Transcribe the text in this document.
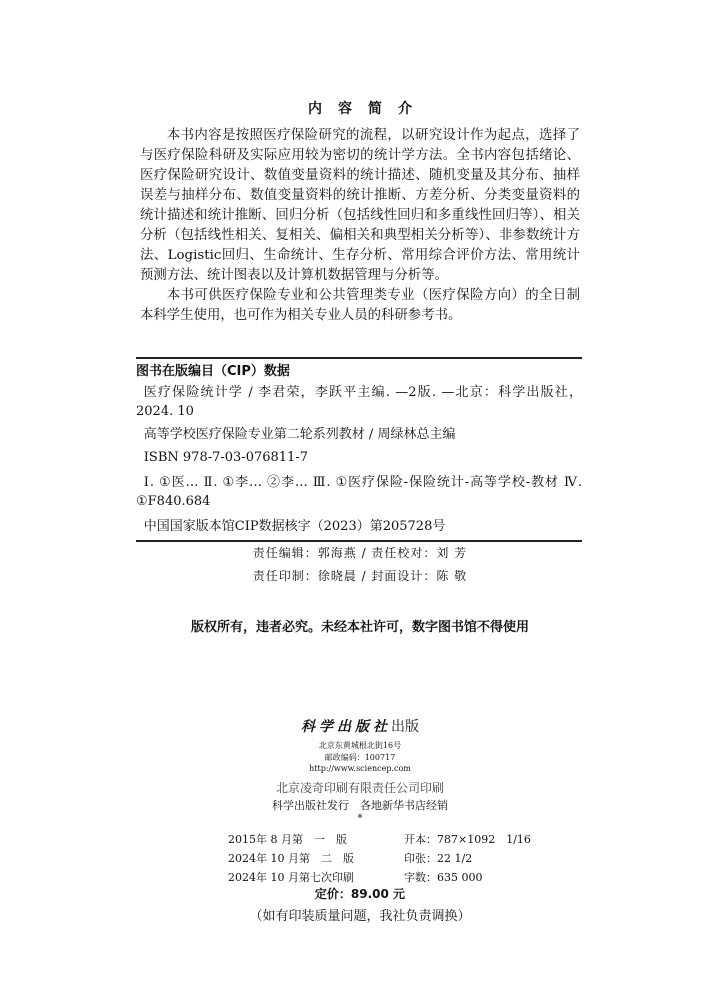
内容简介

本书内容是按照医疗保险研究的流程，以研究设计作为起点，选择了与医疗保险科研及实际应用较为密切的统计学方法。全书内容包括绪论、医疗保险研究设计、数值变量资料的统计描述、随机变量及其分布、抽样误差与抽样分布、数值变量资料的统计推断、方差分析、分类变量资料的统计描述和统计推断、回归分析（包括线性回归和多重线性回归等）、相关分析（包括线性相关、复相关、偏相关和典型相关分析等）、非参数统计方法、Logistic回归、生命统计、生存分析、常用综合评价方法、常用统计预测方法、统计图表以及计算机数据管理与分析等。

本书可供医疗保险专业和公共管理类专业（医疗保险方向）的全日制本科学生使用，也可作为相关专业人员的科研参考书。

图书在版编目（CIP）数据

医疗保险统计学 / 李君荣，李跃平主编. —2版. —北京：科学出版社，2024. 10

高等学校医疗保险专业第二轮系列教材 / 周绿林总主编

ISBN 978-7-03-076811-7

Ⅰ. ①医… Ⅱ. ①李… ②李… Ⅲ. ①医疗保险-保险统计-高等学校-教材 Ⅳ. ①F840.684

中国国家版本馆CIP数据核字（2023）第205728号

责任编辑：郭海燕 / 责任校对：刘 芳
责任印制：徐晓晨 / 封面设计：陈 敬
版权所有，违者必究。未经本社许可，数字图书馆不得使用
科学出版社出版
北京东黄城根北街16号
邮政编码：100717
http://www.sciencep.com
北京凌奇印刷有限责任公司印刷
科学出版社发行　各地新华书店经销
*
2015年 8 月第　一　版	开本：787×1092　1/16
2024年 10 月第　二　版	印张：22 1/2
2024年 10 月第七次印刷	字数：635 000
定价：89.00 元
（如有印装质量问题，我社负责调换）
